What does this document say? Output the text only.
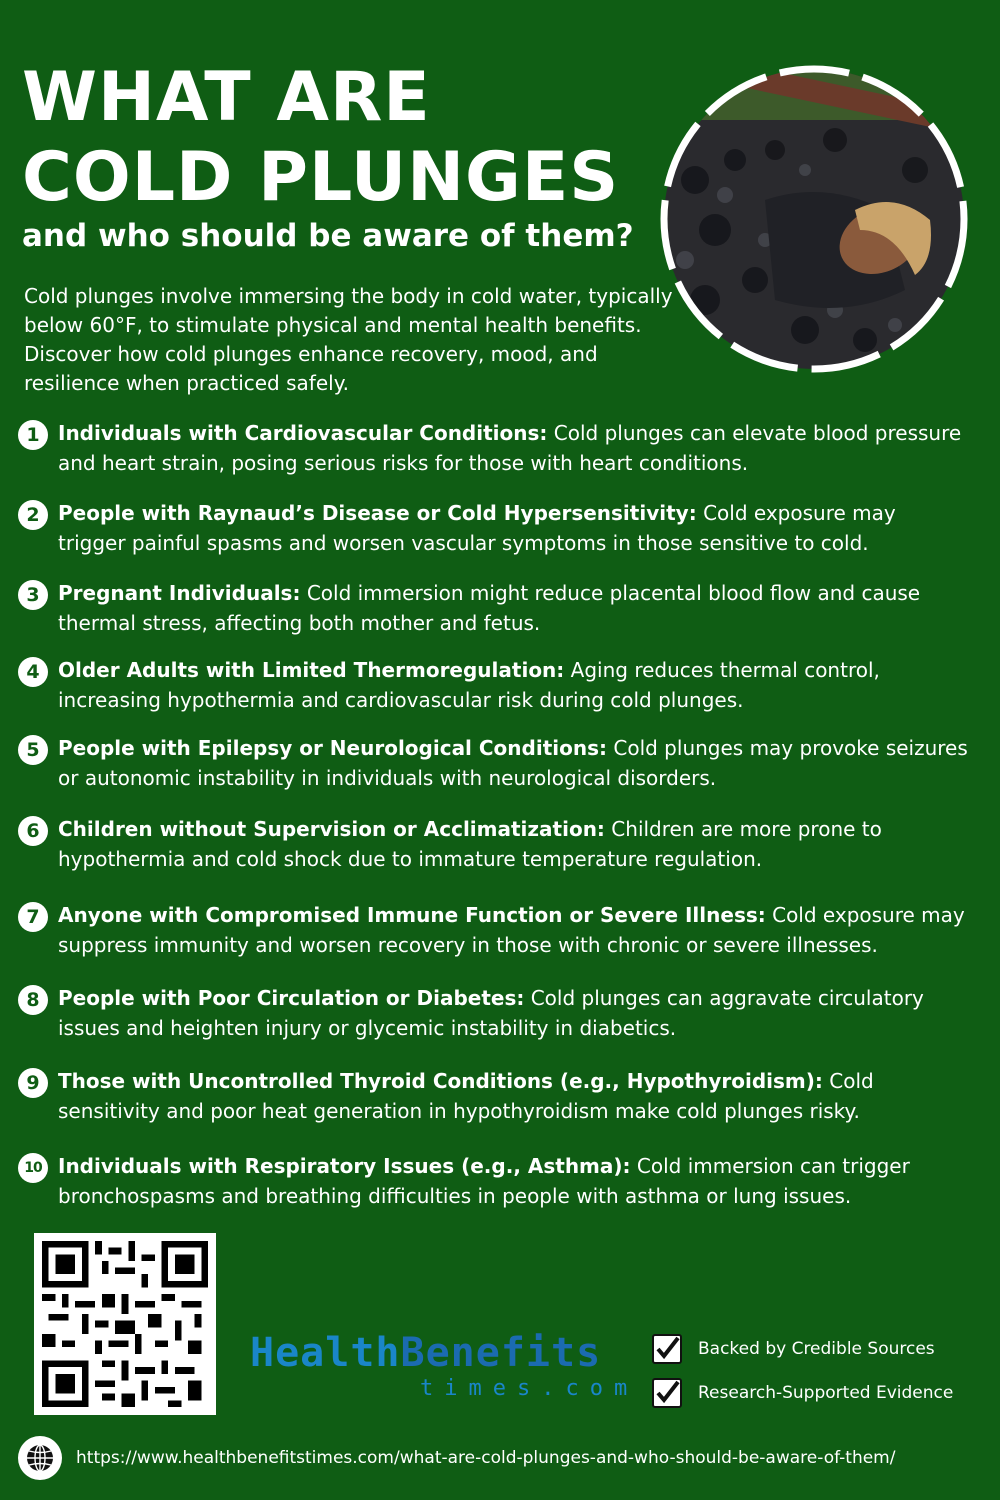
WHAT ARE
COLD PLUNGES
and who should be aware of them?

Cold plunges involve immersing the body in cold water, typically below 60°F, to stimulate physical and mental health benefits. Discover how cold plunges enhance recovery, mood, and resilience when practiced safely.

1 Individuals with Cardiovascular Conditions: Cold plunges can elevate blood pressure and heart strain, posing serious risks for those with heart conditions.

2 People with Raynaud’s Disease or Cold Hypersensitivity: Cold exposure may trigger painful spasms and worsen vascular symptoms in those sensitive to cold.

3 Pregnant Individuals: Cold immersion might reduce placental blood flow and cause thermal stress, affecting both mother and fetus.

4 Older Adults with Limited Thermoregulation: Aging reduces thermal control, increasing hypothermia and cardiovascular risk during cold plunges.

5 People with Epilepsy or Neurological Conditions: Cold plunges may provoke seizures or autonomic instability in individuals with neurological disorders.

6 Children without Supervision or Acclimatization: Children are more prone to hypothermia and cold shock due to immature temperature regulation.

7 Anyone with Compromised Immune Function or Severe Illness: Cold exposure may suppress immunity and worsen recovery in those with chronic or severe illnesses.

8 People with Poor Circulation or Diabetes: Cold plunges can aggravate circulatory issues and heighten injury or glycemic instability in diabetics.

9 Those with Uncontrolled Thyroid Conditions (e.g., Hypothyroidism): Cold sensitivity and poor heat generation in hypothyroidism make cold plunges risky.

10 Individuals with Respiratory Issues (e.g., Asthma): Cold immersion can trigger bronchospasms and breathing difficulties in people with asthma or lung issues.

HealthBenefits
times.com
Backed by Credible Sources
Research-Supported Evidence
https://www.healthbenefitstimes.com/what-are-cold-plunges-and-who-should-be-aware-of-them/
